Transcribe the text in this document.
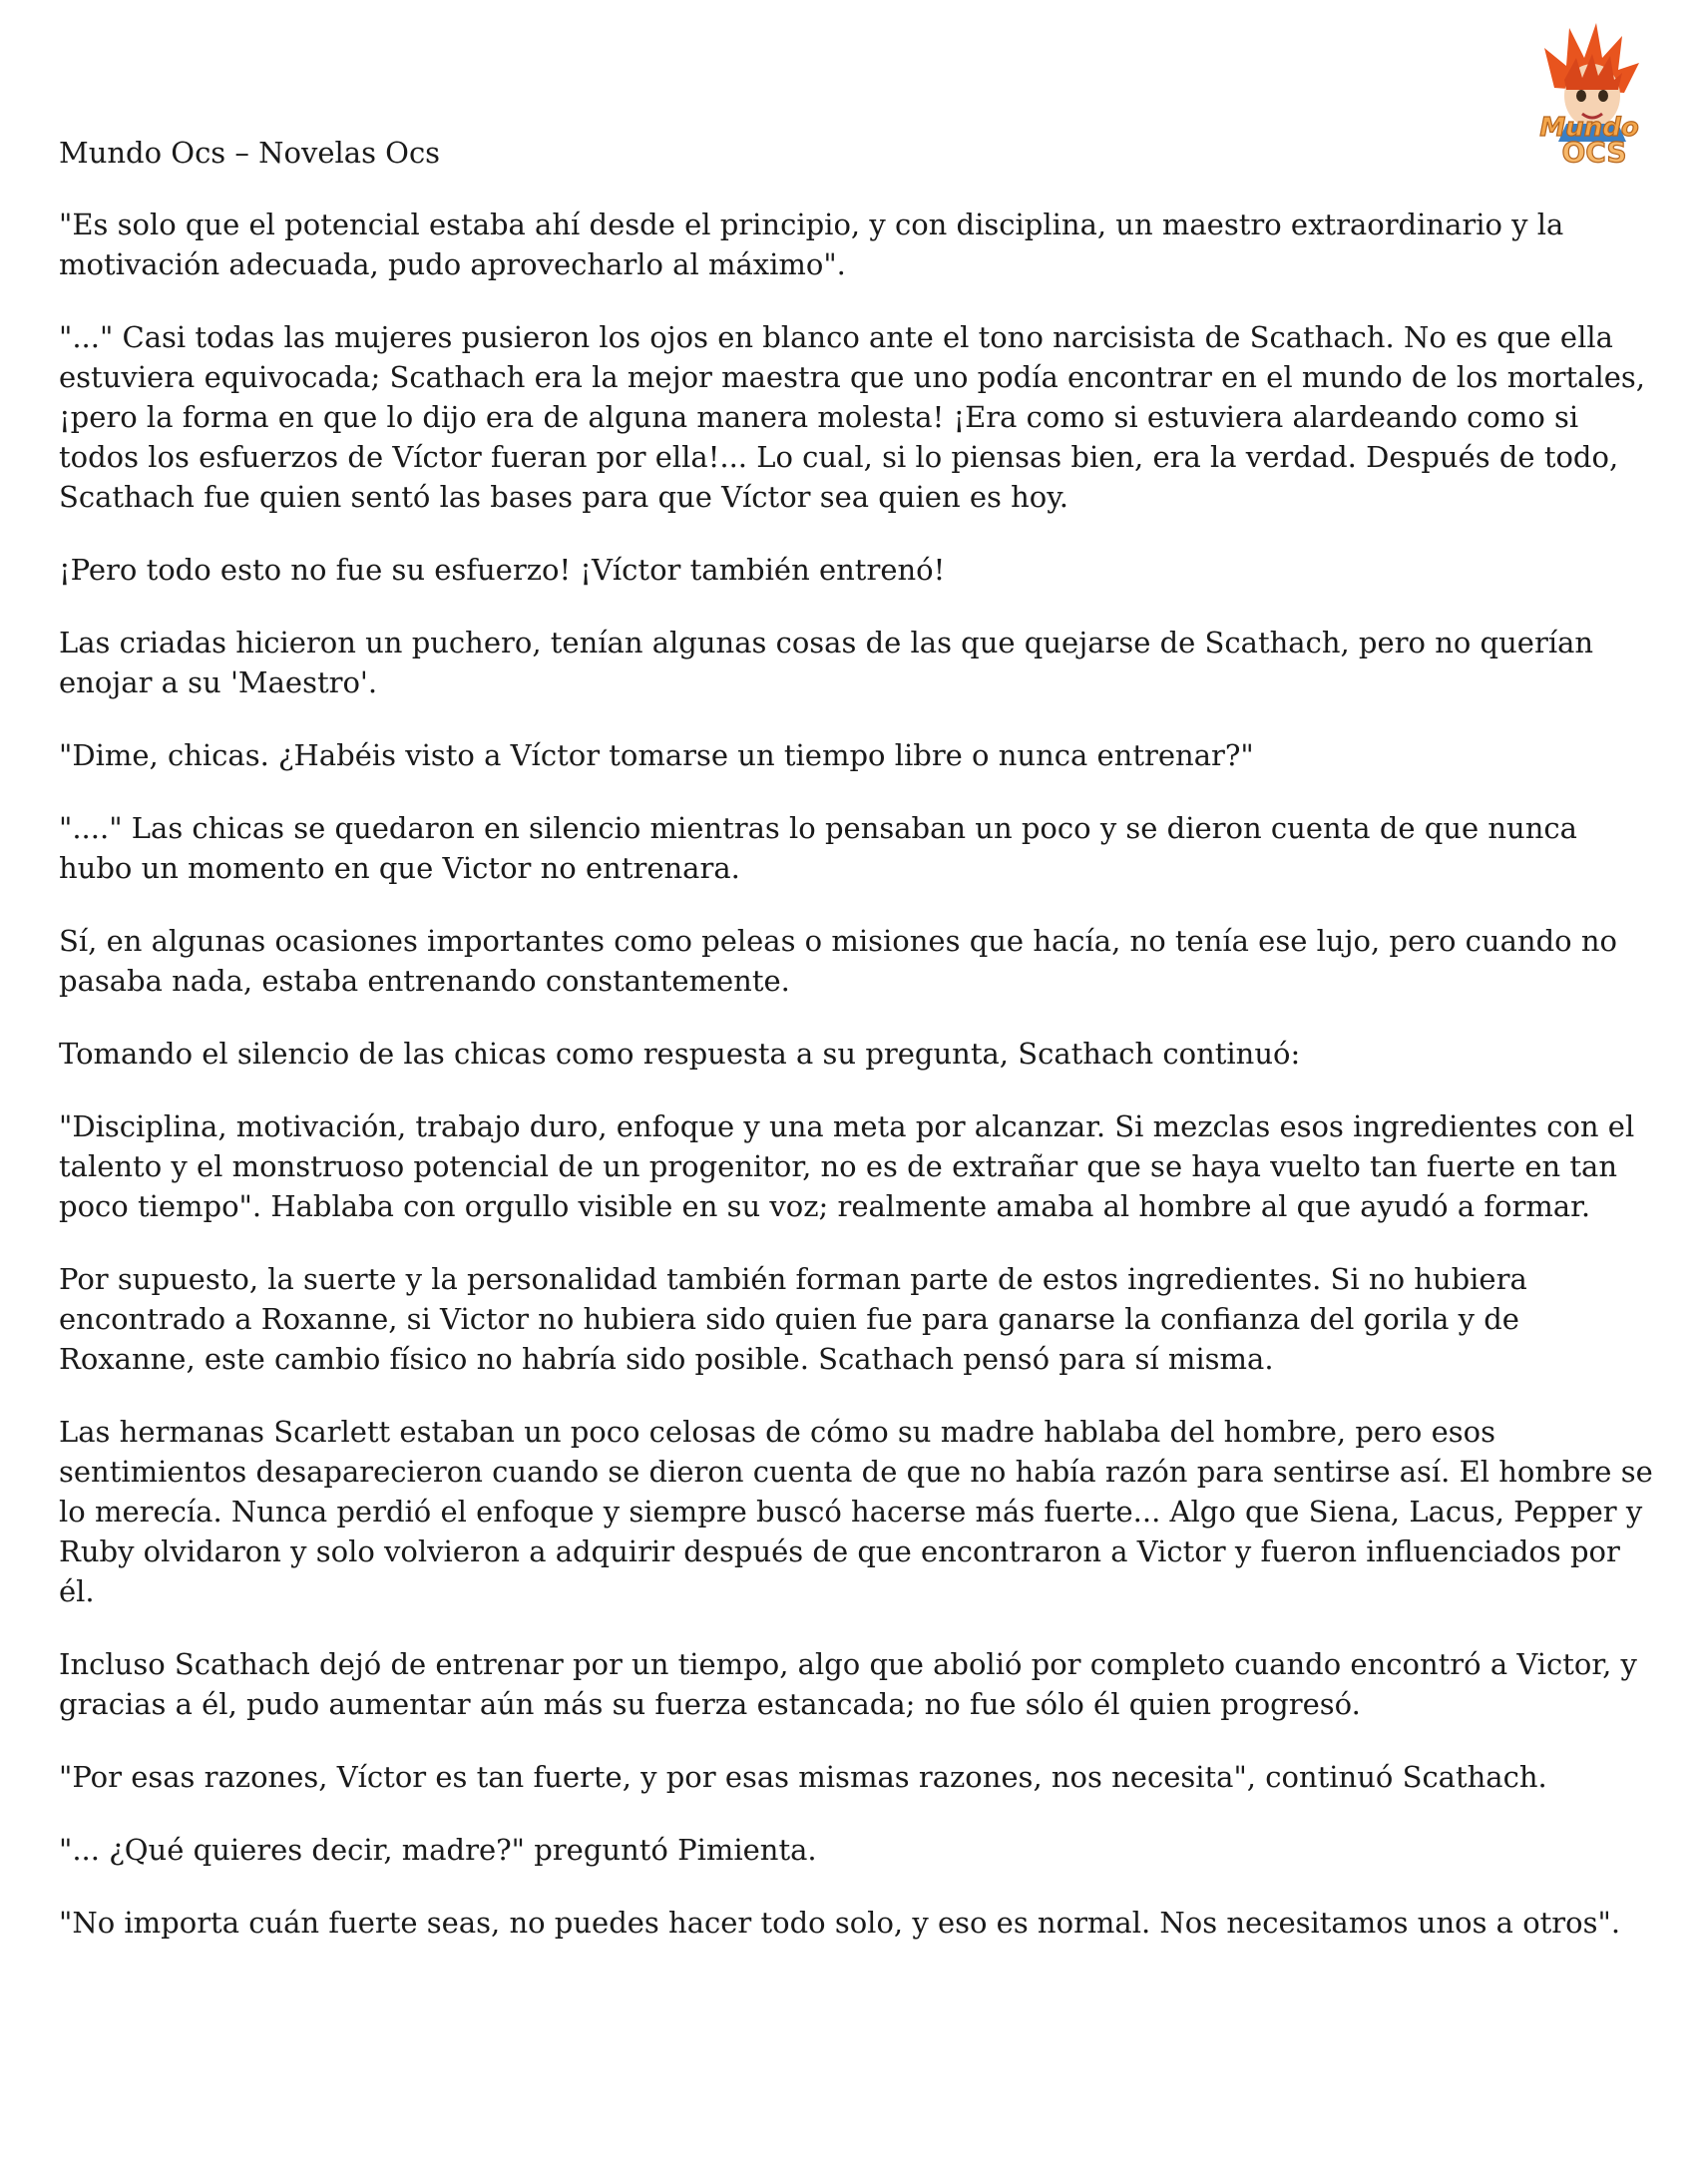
Mundo
OCS
Mundo Ocs – Novelas Ocs

"Es solo que el potencial estaba ahí desde el principio, y con disciplina, un maestro extraordinario y la motivación adecuada, pudo aprovecharlo al máximo".

"..." Casi todas las mujeres pusieron los ojos en blanco ante el tono narcisista de Scathach. No es que ella estuviera equivocada; Scathach era la mejor maestra que uno podía encontrar en el mundo de los mortales, ¡pero la forma en que lo dijo era de alguna manera molesta! ¡Era como si estuviera alardeando como si todos los esfuerzos de Víctor fueran por ella!... Lo cual, si lo piensas bien, era la verdad. Después de todo, Scathach fue quien sentó las bases para que Víctor sea quien es hoy.

¡Pero todo esto no fue su esfuerzo! ¡Víctor también entrenó!

Las criadas hicieron un puchero, tenían algunas cosas de las que quejarse de Scathach, pero no querían enojar a su 'Maestro'.

"Dime, chicas. ¿Habéis visto a Víctor tomarse un tiempo libre o nunca entrenar?"

"...." Las chicas se quedaron en silencio mientras lo pensaban un poco y se dieron cuenta de que nunca hubo un momento en que Victor no entrenara.

Sí, en algunas ocasiones importantes como peleas o misiones que hacía, no tenía ese lujo, pero cuando no pasaba nada, estaba entrenando constantemente.

Tomando el silencio de las chicas como respuesta a su pregunta, Scathach continuó:

"Disciplina, motivación, trabajo duro, enfoque y una meta por alcanzar. Si mezclas esos ingredientes con el talento y el monstruoso potencial de un progenitor, no es de extrañar que se haya vuelto tan fuerte en tan poco tiempo". Hablaba con orgullo visible en su voz; realmente amaba al hombre al que ayudó a formar.

Por supuesto, la suerte y la personalidad también forman parte de estos ingredientes. Si no hubiera encontrado a Roxanne, si Victor no hubiera sido quien fue para ganarse la confianza del gorila y de Roxanne, este cambio físico no habría sido posible. Scathach pensó para sí misma.

Las hermanas Scarlett estaban un poco celosas de cómo su madre hablaba del hombre, pero esos sentimientos desaparecieron cuando se dieron cuenta de que no había razón para sentirse así. El hombre se lo merecía. Nunca perdió el enfoque y siempre buscó hacerse más fuerte... Algo que Siena, Lacus, Pepper y Ruby olvidaron y solo volvieron a adquirir después de que encontraron a Victor y fueron influenciados por él.

Incluso Scathach dejó de entrenar por un tiempo, algo que abolió por completo cuando encontró a Victor, y gracias a él, pudo aumentar aún más su fuerza estancada; no fue sólo él quien progresó.

"Por esas razones, Víctor es tan fuerte, y por esas mismas razones, nos necesita", continuó Scathach.

"... ¿Qué quieres decir, madre?" preguntó Pimienta.

"No importa cuán fuerte seas, no puedes hacer todo solo, y eso es normal. Nos necesitamos unos a otros".
